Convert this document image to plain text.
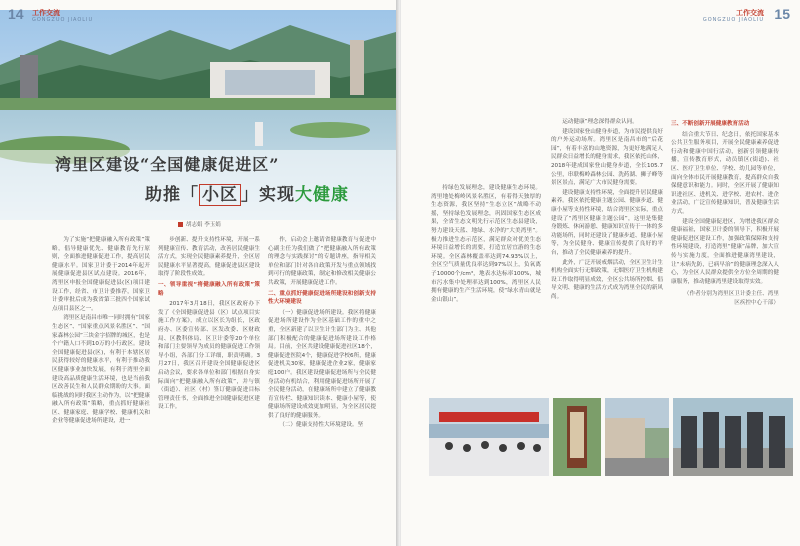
14 工作交流
GONGZUO JIAOLIU
湾里区建设“全国健康促进区”
助推「 小区 」实现大健康
胡志娟 李玉娟

为了实施“把健康融入所有政策”策略，倡导健康优先、健康教育先行原则，全面推进健康促进工作，提高居民健康水平。国家卫计委于2014年起开展健康促进县区试点建设。2016年，湾里区申报全国健康促进县(区)项目建设工作，经省、市卫计委推荐，国家卫计委审批后成为我省第三批四个国家试点项目县区之一。

湾里区是南昌市唯一同时拥有“国家生态区”、“国家重点风景名胜区”、“国家森林公园”三块金字招牌的城区，也是个户籍人口不到10万的小行政区。建设全国健康促进县(区)，有利于本辖区居民获得较好的健康水平，有利于推动我区健康事业加快发展，有利于湾里全面建设高品质健康生活环境，也是当前我区改善民生和人民群众期盼的大事。面临挑战的同时我区主动作为，以“把健康融入所有政策”策略，重点抓好健康社区、健康家庭、健康学校、健康机关和企业等健康促进场所建设，进一

步创新、提升支持性环境，开展一系列健康宣传、教育活动，改善居民健康生活方式，实现全民健康素养提升，全区居民健康水平显著提高，健康促进县区建设取得了阶段性成效。

一、领导重视“将健康融入所有政策”策略

2017年3月18日，我区区政府办下发了《全国健康促进县（区）试点项目实施工作方案》，成立以区长为组长，区政府办、区委宣传部、区发改委、区财政局、区教科体局、区卫计委等20个单位和部门主要领导为成员的健康促进工作领导小组，各部门分工详细，职责明确。3月27日，我区召开建设全国健康促进区启动会议，要求各单位和部门根据自身实际面向“把健康融入所有政策”，并与镇（街道）、社区（村）签订健康促进目标管理责任书，全面推进全国健康促进区建设工作。

作，启动会上邀请省健康教育与促进中心副主任为我们做了“把健康融入所有政策的理念与实践探讨”的专题讲座，指导相关单位和部门针对各自政策开发与重点领域找到可行的健康政策，制定和修改相关健康公共政策，开展健康促进工作。

二、重点抓好健康促进场所建设和创新支持性大环境建设

（一）健康促进场所建设。我区将健康促进场所建设作为全区基础工作的重中之重，全区新建了以卫生计生部门为主、其他部门积极配合的健康促进场所建设工作格局。目前，全区共建设健康促进社区18个，健康促进医院4个，健康促进学校6所，健康促进机关30家，健康促进企业2家，健康家庭100户。我区建设健康促进场所与全民健身活动有机结合，利用健康促进场所开展了全民健身活动，在健康场所中建立了健康教育宣传栏、健康知识读本、健康小屋等，使健康场所建设成效更加明显，为全区居民提供了良好的健康服务。

（二）健康支持性大环境建设。坚

15
工作交流
GONGZUO JIAOLIU

持绿色发展理念，建设健康生态环境。湾里地处梅岭风景名胜区，有着得天独厚的生态资源，我区坚持“生态立区”战略不动摇，坚持绿色发展理念，巩固国家生态区成果，全省生态文明先行示范区生态县建设，努力建设天蓝、地绿、水净的“大美湾里”。极力推进生态示范区，满足群众对优美生态环境日益增长的需要，打造宜居宜游的生态环境。全区森林覆盖率达到74.93%以上，全区空气质量优良率达到97%以上，负氧离子10000个/cm³，地表水达标率100%，城市污水集中处理率达到100%，湾里区人民拥有健康的生产生活环境，使“绿水青山就是金山银山”。

运动健康”理念深得群众认同。

建设国家登山健身步道，为市民提供良好的户外运动场所。湾里区是南昌市的“后花园”，有着丰富的山地资源，为更好地满足人民群众日益增长的健身需求，我区依托山体，2018年建成国家登山健身步道，全长105.7公里，串联梅岭森林公园、洗药湖、狮子峰等景区景点，满足广大市民健身需要。

建设健康支持性环境，全面提升居民健康素养。我区依托健康主题公园、健康步道、健康小屋等支持性环境，结合湾里区实际，重点建设了“湾里区健康主题公园”，这里是集健身锻炼、休闲游憩、健康知识宣传于一体的多功能场所，同时还建设了健康步道、健康小屋等，为全民健身、健康宣传提供了良好的平台，推动了全民健康素养的提升。

此外，广泛开展戒烟活动，全区卫生计生机构全面实行无烟政策，无烟医疗卫生机构建设工作取得明显成效，全区公共场所控烟、倡导文明、健康的生活方式成为湾里全民的新风尚。

三、不断创新开展健康教育活动

结合重大节日、纪念日，依托国家基本公共卫生服务项目，开展全民健康素养促进行动和健康中国行活动，创新引领健康传播，宣传教育形式，动员镇区(街道)、社区、医疗卫生单位、学校、幼儿园等单位，面向全体市民开展健康教育，提高群众自我保健意识和能力。同时，全区开展了健康知识进社区、进机关、进学校、进农村、进企业活动，广泛宣传健康知识，普及健康生活方式。

建设全国健康促进区，为增进我区群众健康福祉，国家卫计委的领导下，积极开展健康促进区建设工作，加强政策保障和支持性环境建设，打造湾里“健康”品牌，加大宣传与实施力度，全面推进健康湾里建设，让“未病先防，已病早治”的健康理念深入人心，为全区人民群众提供全方位全周期的健康服务，推动健康湾里建设取得实效。

（作者分别为湾里区卫计委主任、湾里区疾控中心干部）
